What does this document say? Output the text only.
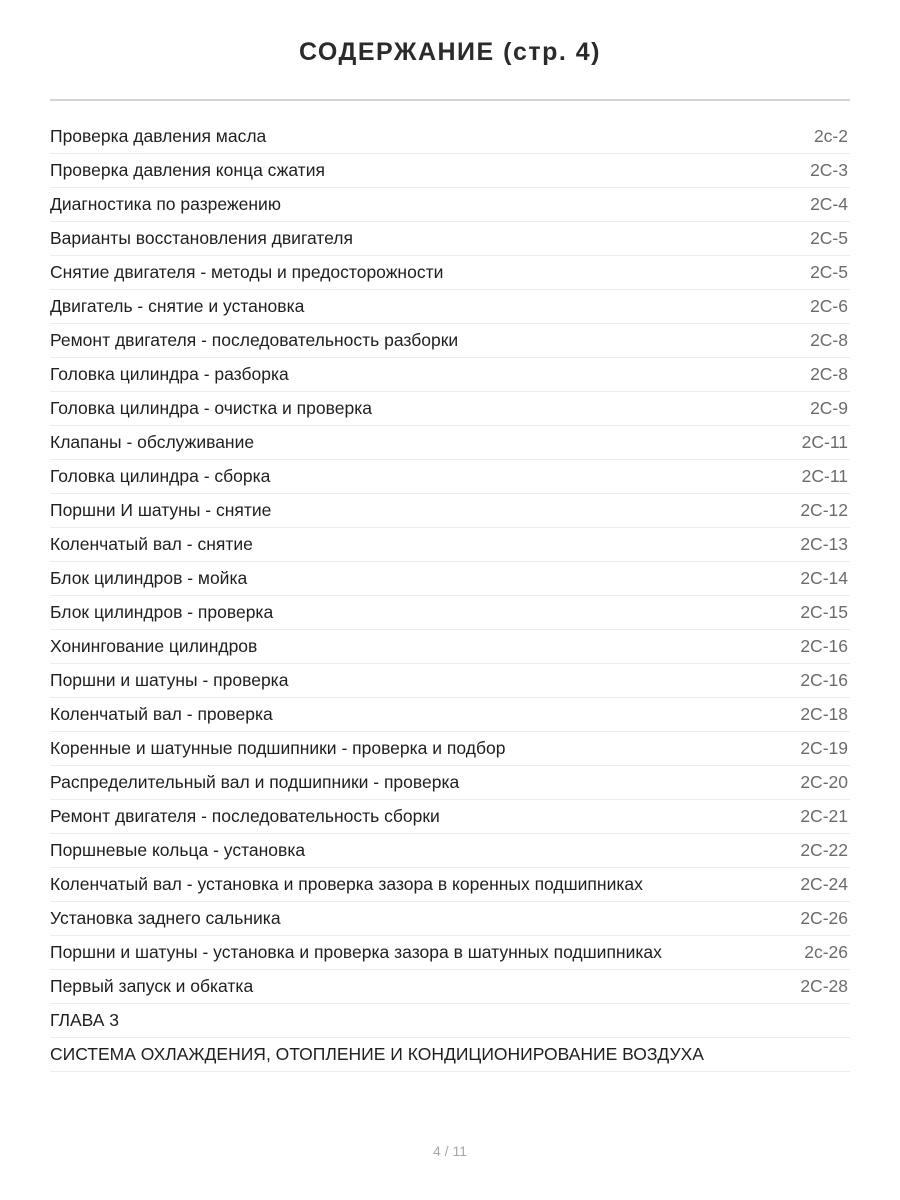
СОДЕРЖАНИЕ (стр. 4)
Проверка давления масла	2c-2
Проверка давления конца сжатия	2C-3
Диагностика по разрежению	2C-4
Варианты восстановления двигателя	2C-5
Снятие двигателя - методы и предосторожности	2C-5
Двигатель - снятие и установка	2C-6
Ремонт двигателя - последовательность разборки	2C-8
Головка цилиндра - разборка	2C-8
Головка цилиндра - очистка и проверка	2C-9
Клапаны - обслуживание	2C-11
Головка цилиндра - сборка	2C-11
Поршни И шатуны - снятие	2C-12
Коленчатый вал - снятие	2C-13
Блок цилиндров - мойка	2C-14
Блок цилиндров - проверка	2C-15
Хонингование цилиндров	2C-16
Поршни и шатуны - проверка	2C-16
Коленчатый вал - проверка	2C-18
Коренные и шатунные подшипники - проверка и подбор	2C-19
Распределительный вал и подшипники - проверка	2C-20
Ремонт двигателя - последовательность сборки	2C-21
Поршневые кольца - установка	2C-22
Коленчатый вал - установка и проверка зазора в коренных подшипниках	2C-24
Установка заднего сальника	2C-26
Поршни и шатуны - установка и проверка зазора в шатунных подшипниках	2c-26
Первый запуск и обкатка	2C-28
ГЛАВА 3
СИСТЕМА ОХЛАЖДЕНИЯ, ОТОПЛЕНИЕ И КОНДИЦИОНИРОВАНИЕ ВОЗДУХА
4 / 11
